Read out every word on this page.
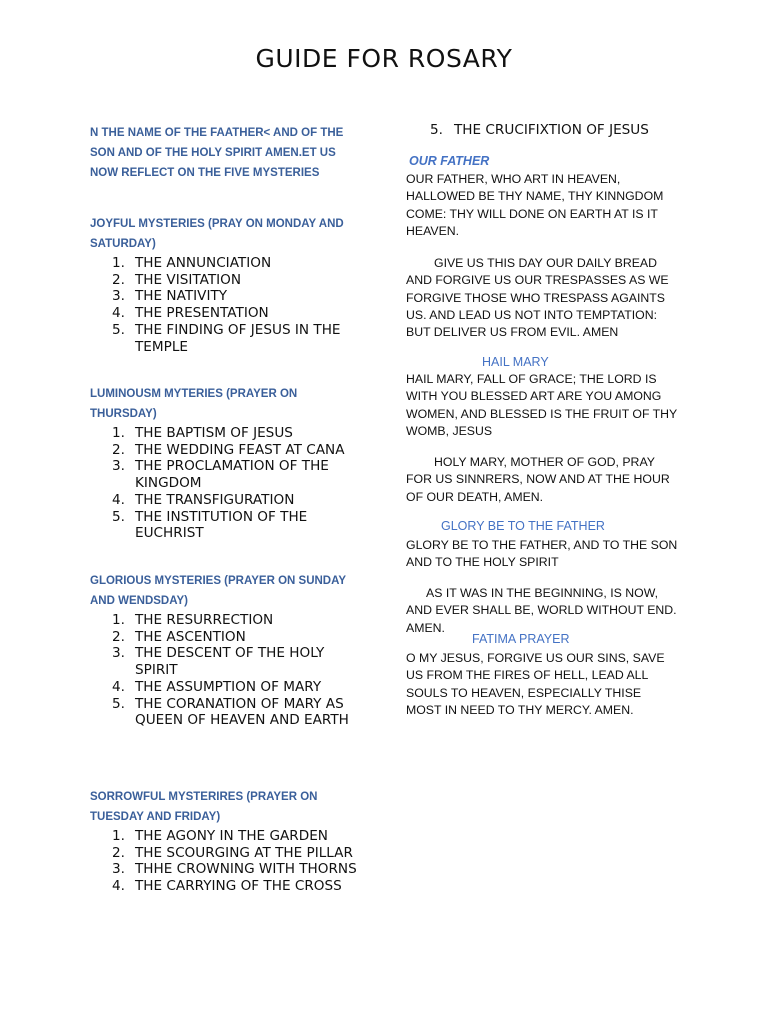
GUIDE FOR ROSARY
N THE NAME OF THE FAATHER< AND OF THE SON AND OF THE HOLY SPIRIT AMEN.ET US NOW REFLECT ON THE FIVE MYSTERIES
JOYFUL MYSTERIES (PRAY ON MONDAY AND SATURDAY)
1. THE ANNUNCIATION
2. THE VISITATION
3. THE NATIVITY
4. THE PRESENTATION
5. THE FINDING OF JESUS IN THE TEMPLE
LUMINOUSM MYTERIES (PRAYER ON THURSDAY)
1. THE BAPTISM OF JESUS
2. THE WEDDING FEAST AT CANA
3. THE PROCLAMATION OF THE KINGDOM
4. THE TRANSFIGURATION
5. THE INSTITUTION OF THE EUCHRIST
GLORIOUS MYSTERIES (PRAYER ON SUNDAY AND WENDSDAY)
1. THE RESURRECTION
2. THE ASCENTION
3. THE DESCENT OF THE HOLY SPIRIT
4. THE ASSUMPTION OF MARY
5. THE CORANATION OF MARY AS QUEEN OF HEAVEN AND EARTH
SORROWFUL MYSTERIRES (PRAYER ON TUESDAY AND FRIDAY)
1. THE AGONY IN THE GARDEN
2. THE SCOURGING AT THE PILLAR
3. THHE CROWNING WITH THORNS
4. THE CARRYING OF THE CROSS
5. THE CRUCIFIXTION OF JESUS
OUR FATHER
OUR FATHER, WHO ART IN HEAVEN, HALLOWED BE THY NAME, THY KINNGDOM COME: THY WILL DONE ON EARTH AT IS IT HEAVEN.
GIVE US THIS DAY OUR DAILY BREAD AND FORGIVE US OUR TRESPASSES AS WE FORGIVE THOSE WHO TRESPASS AGAINTS US. AND LEAD US NOT INTO TEMPTATION: BUT DELIVER US FROM EVIL. AMEN
HAIL MARY
HAIL MARY, FALL OF GRACE; THE LORD IS WITH YOU BLESSED ART ARE YOU AMONG WOMEN, AND BLESSED IS THE FRUIT OF THY WOMB, JESUS
HOLY MARY, MOTHER OF GOD, PRAY FOR US SINNRERS, NOW AND AT THE HOUR OF OUR DEATH, AMEN.
GLORY BE TO THE FATHER
GLORY BE TO THE FATHER, AND TO THE SON AND TO THE HOLY SPIRIT
AS IT WAS IN THE BEGINNING, IS NOW, AND EVER SHALL BE, WORLD WITHOUT END. AMEN.
FATIMA PRAYER
O MY JESUS, FORGIVE US OUR SINS, SAVE US FROM THE FIRES OF HELL, LEAD ALL SOULS TO HEAVEN, ESPECIALLY THISE MOST IN NEED TO THY MERCY. AMEN.
